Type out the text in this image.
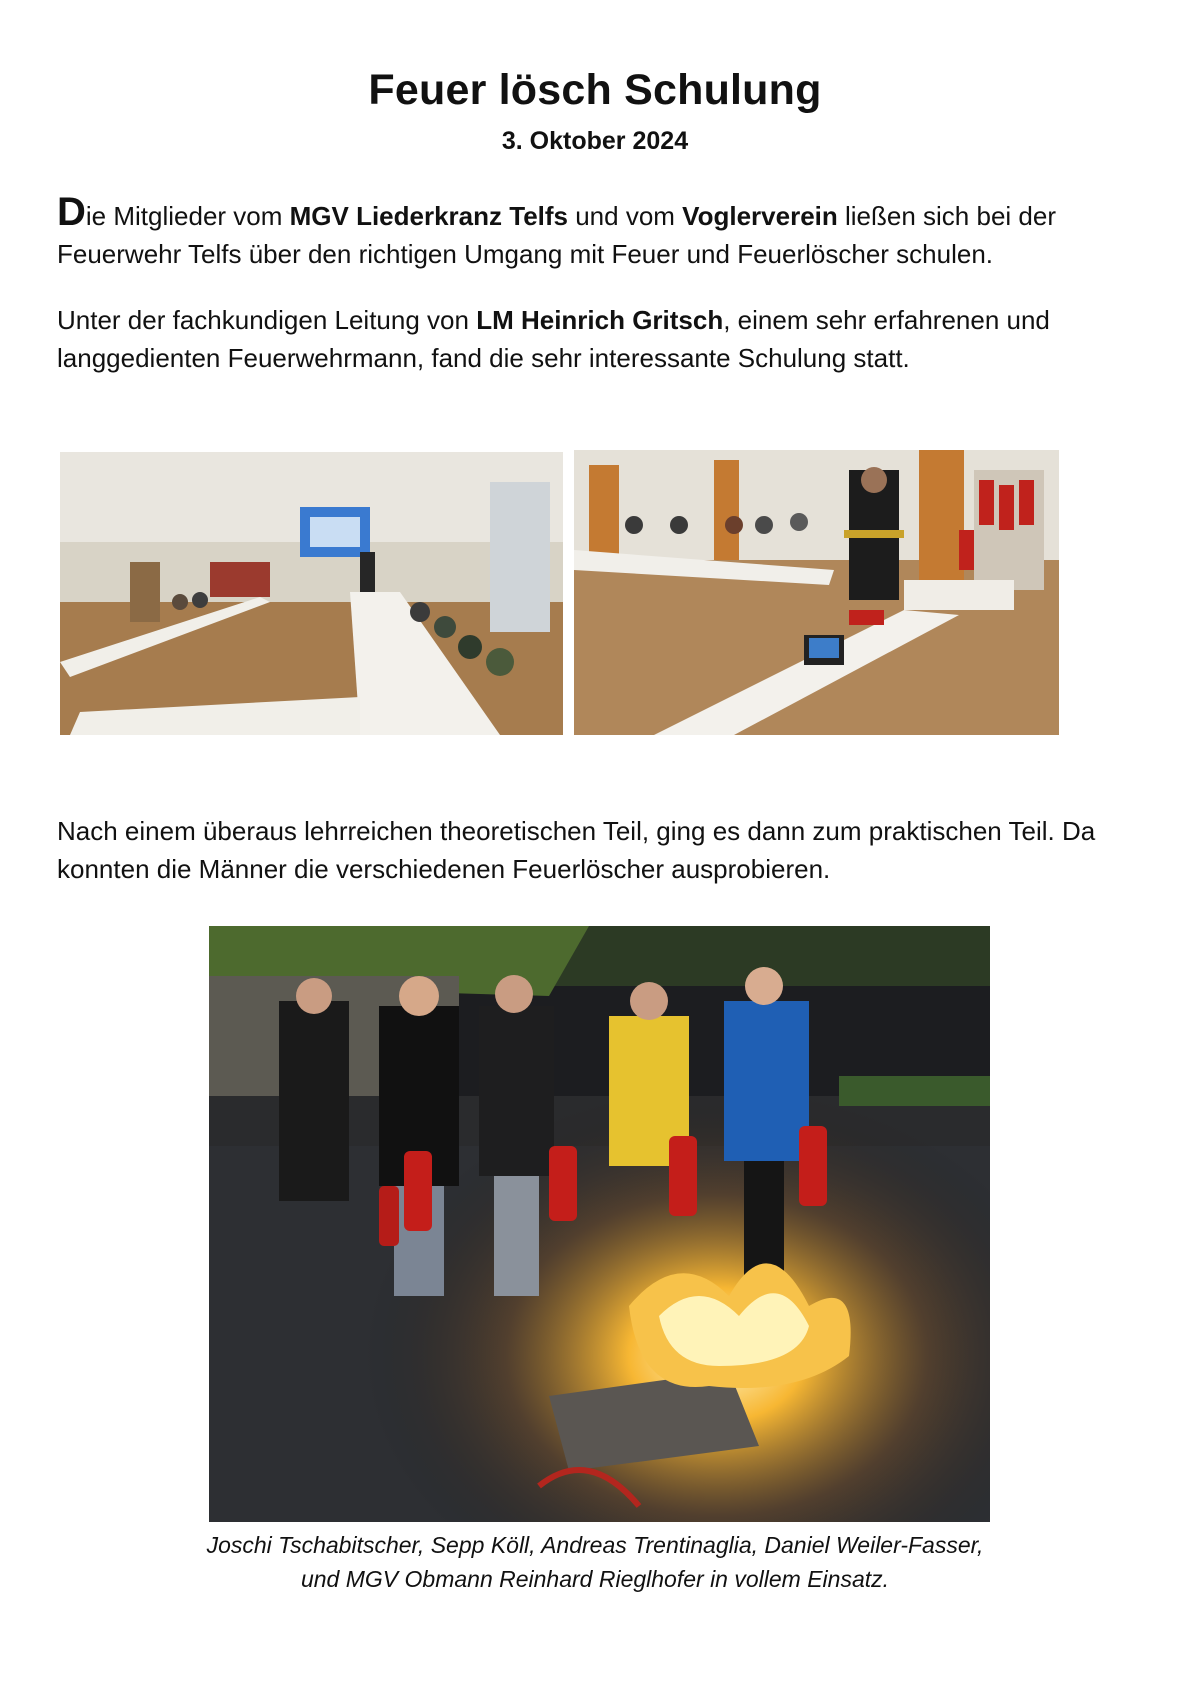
Feuer lösch Schulung
3. Oktober 2024
Die Mitglieder vom MGV Liederkranz Telfs und vom Voglerverein ließen sich bei der Feuerwehr Telfs über den richtigen Umgang mit Feuer und Feuerlöscher schulen.
Unter der fachkundigen Leitung von LM Heinrich Gritsch, einem sehr erfahrenen und langgedienten Feuerwehrmann, fand die sehr interessante Schulung statt.
Nach einem überaus lehrreichen theoretischen Teil, ging es dann zum praktischen Teil. Da konnten die Männer die verschiedenen Feuerlöscher ausprobieren.
Joschi Tschabitscher, Sepp Köll, Andreas Trentinaglia, Daniel Weiler-Fasser,
und MGV Obmann Reinhard Rieglhofer in vollem Einsatz.
